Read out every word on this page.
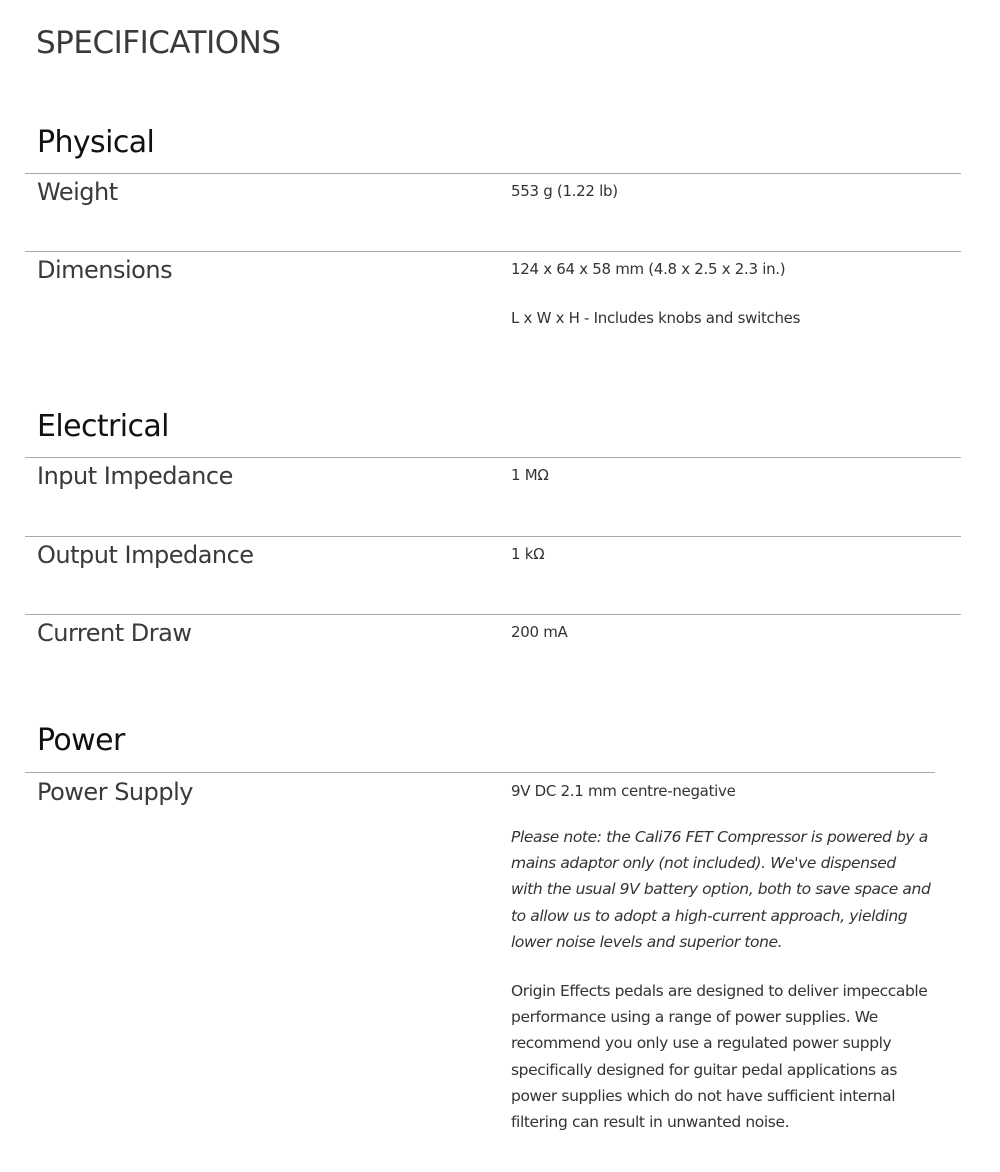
SPECIFICATIONS
Physical
Weight	553 g (1.22 lb)
Dimensions	124 x 64 x 58 mm (4.8 x 2.5 x 2.3 in.)
L x W x H - Includes knobs and switches
Electrical
Input Impedance	1 MΩ
Output Impedance	1 kΩ
Current Draw	200 mA
Power
Power Supply	9V DC 2.1 mm centre-negative

Please note: the Cali76 FET Compressor is powered by a mains adaptor only (not included). We've dispensed with the usual 9V battery option, both to save space and to allow us to adopt a high-current approach, yielding lower noise levels and superior tone.

Origin Effects pedals are designed to deliver impeccable performance using a range of power supplies. We recommend you only use a regulated power supply specifically designed for guitar pedal applications as power supplies which do not have sufficient internal filtering can result in unwanted noise.
